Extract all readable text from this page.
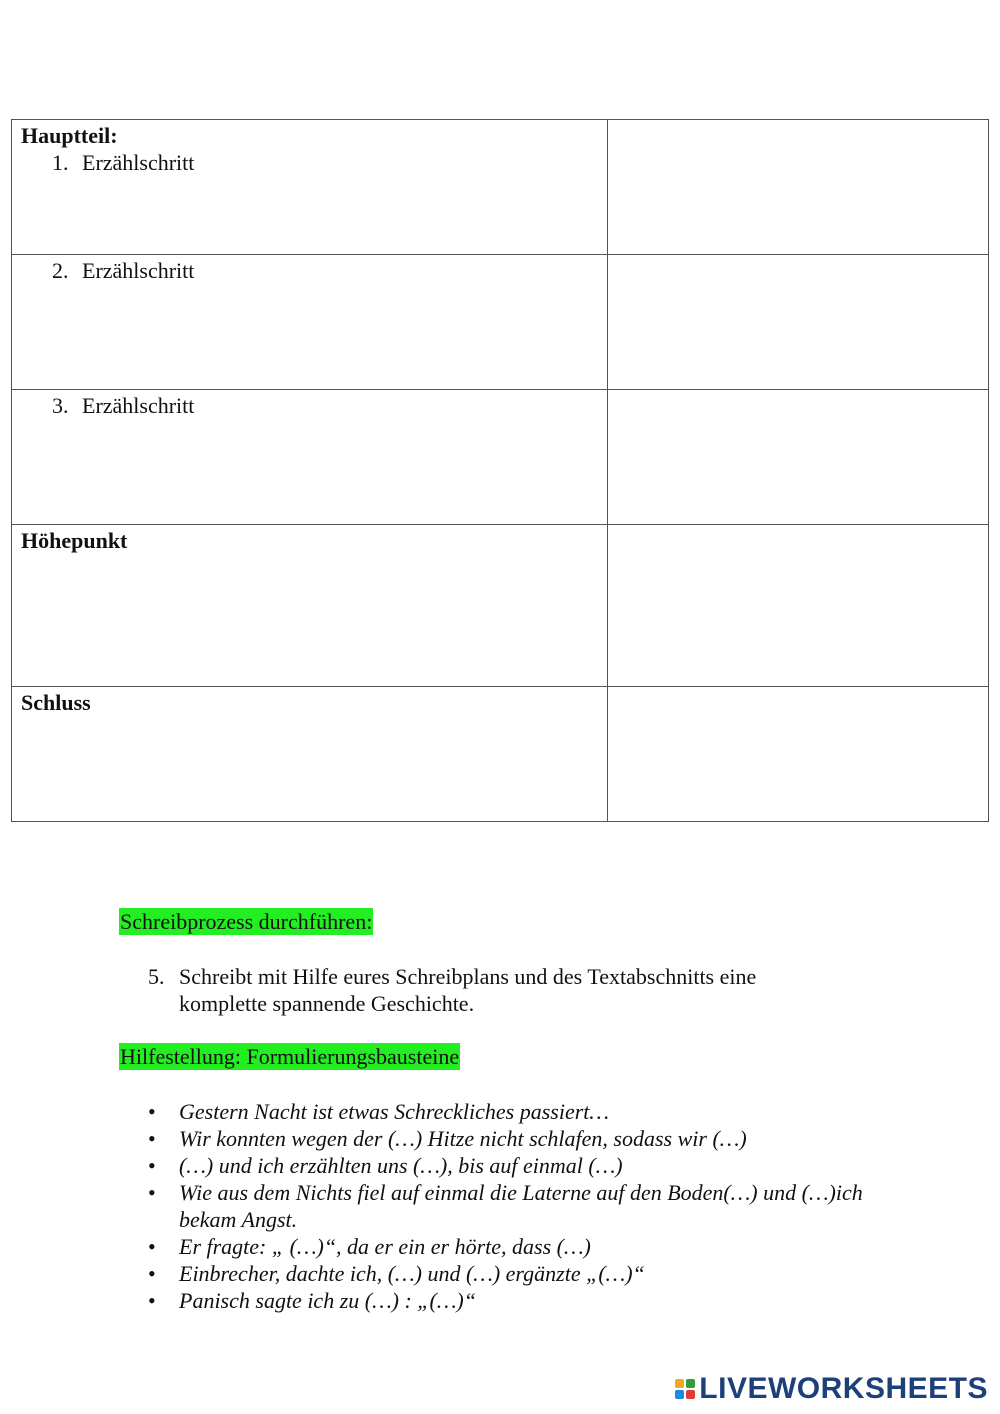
Hauptteil:
1. Erzählschritt	

2. Erzählschritt	

3. Erzählschritt	

Höhepunkt	

Schluss	

Schreibprozess durchführen:
5. Schreibt mit Hilfe eures Schreibplans und des Textabschnitts eine komplette spannende Geschichte.
Hilfestellung: Formulierungsbausteine
• Gestern Nacht ist etwas Schreckliches passiert…
• Wir konnten wegen der (…) Hitze nicht schlafen, sodass wir (…)
• (…) und ich erzählten uns (…), bis auf einmal (…)
• Wie aus dem Nichts fiel auf einmal die Laterne auf den Boden(…) und (…)ich bekam Angst.
• Er fragte: „ (…)“, da er ein er hörte, dass (…)
• Einbrecher, dachte ich, (…) und (…) ergänzte „(…)“
• Panisch sagte ich zu (…) : „(…)“
LIVEWORKSHEETS
